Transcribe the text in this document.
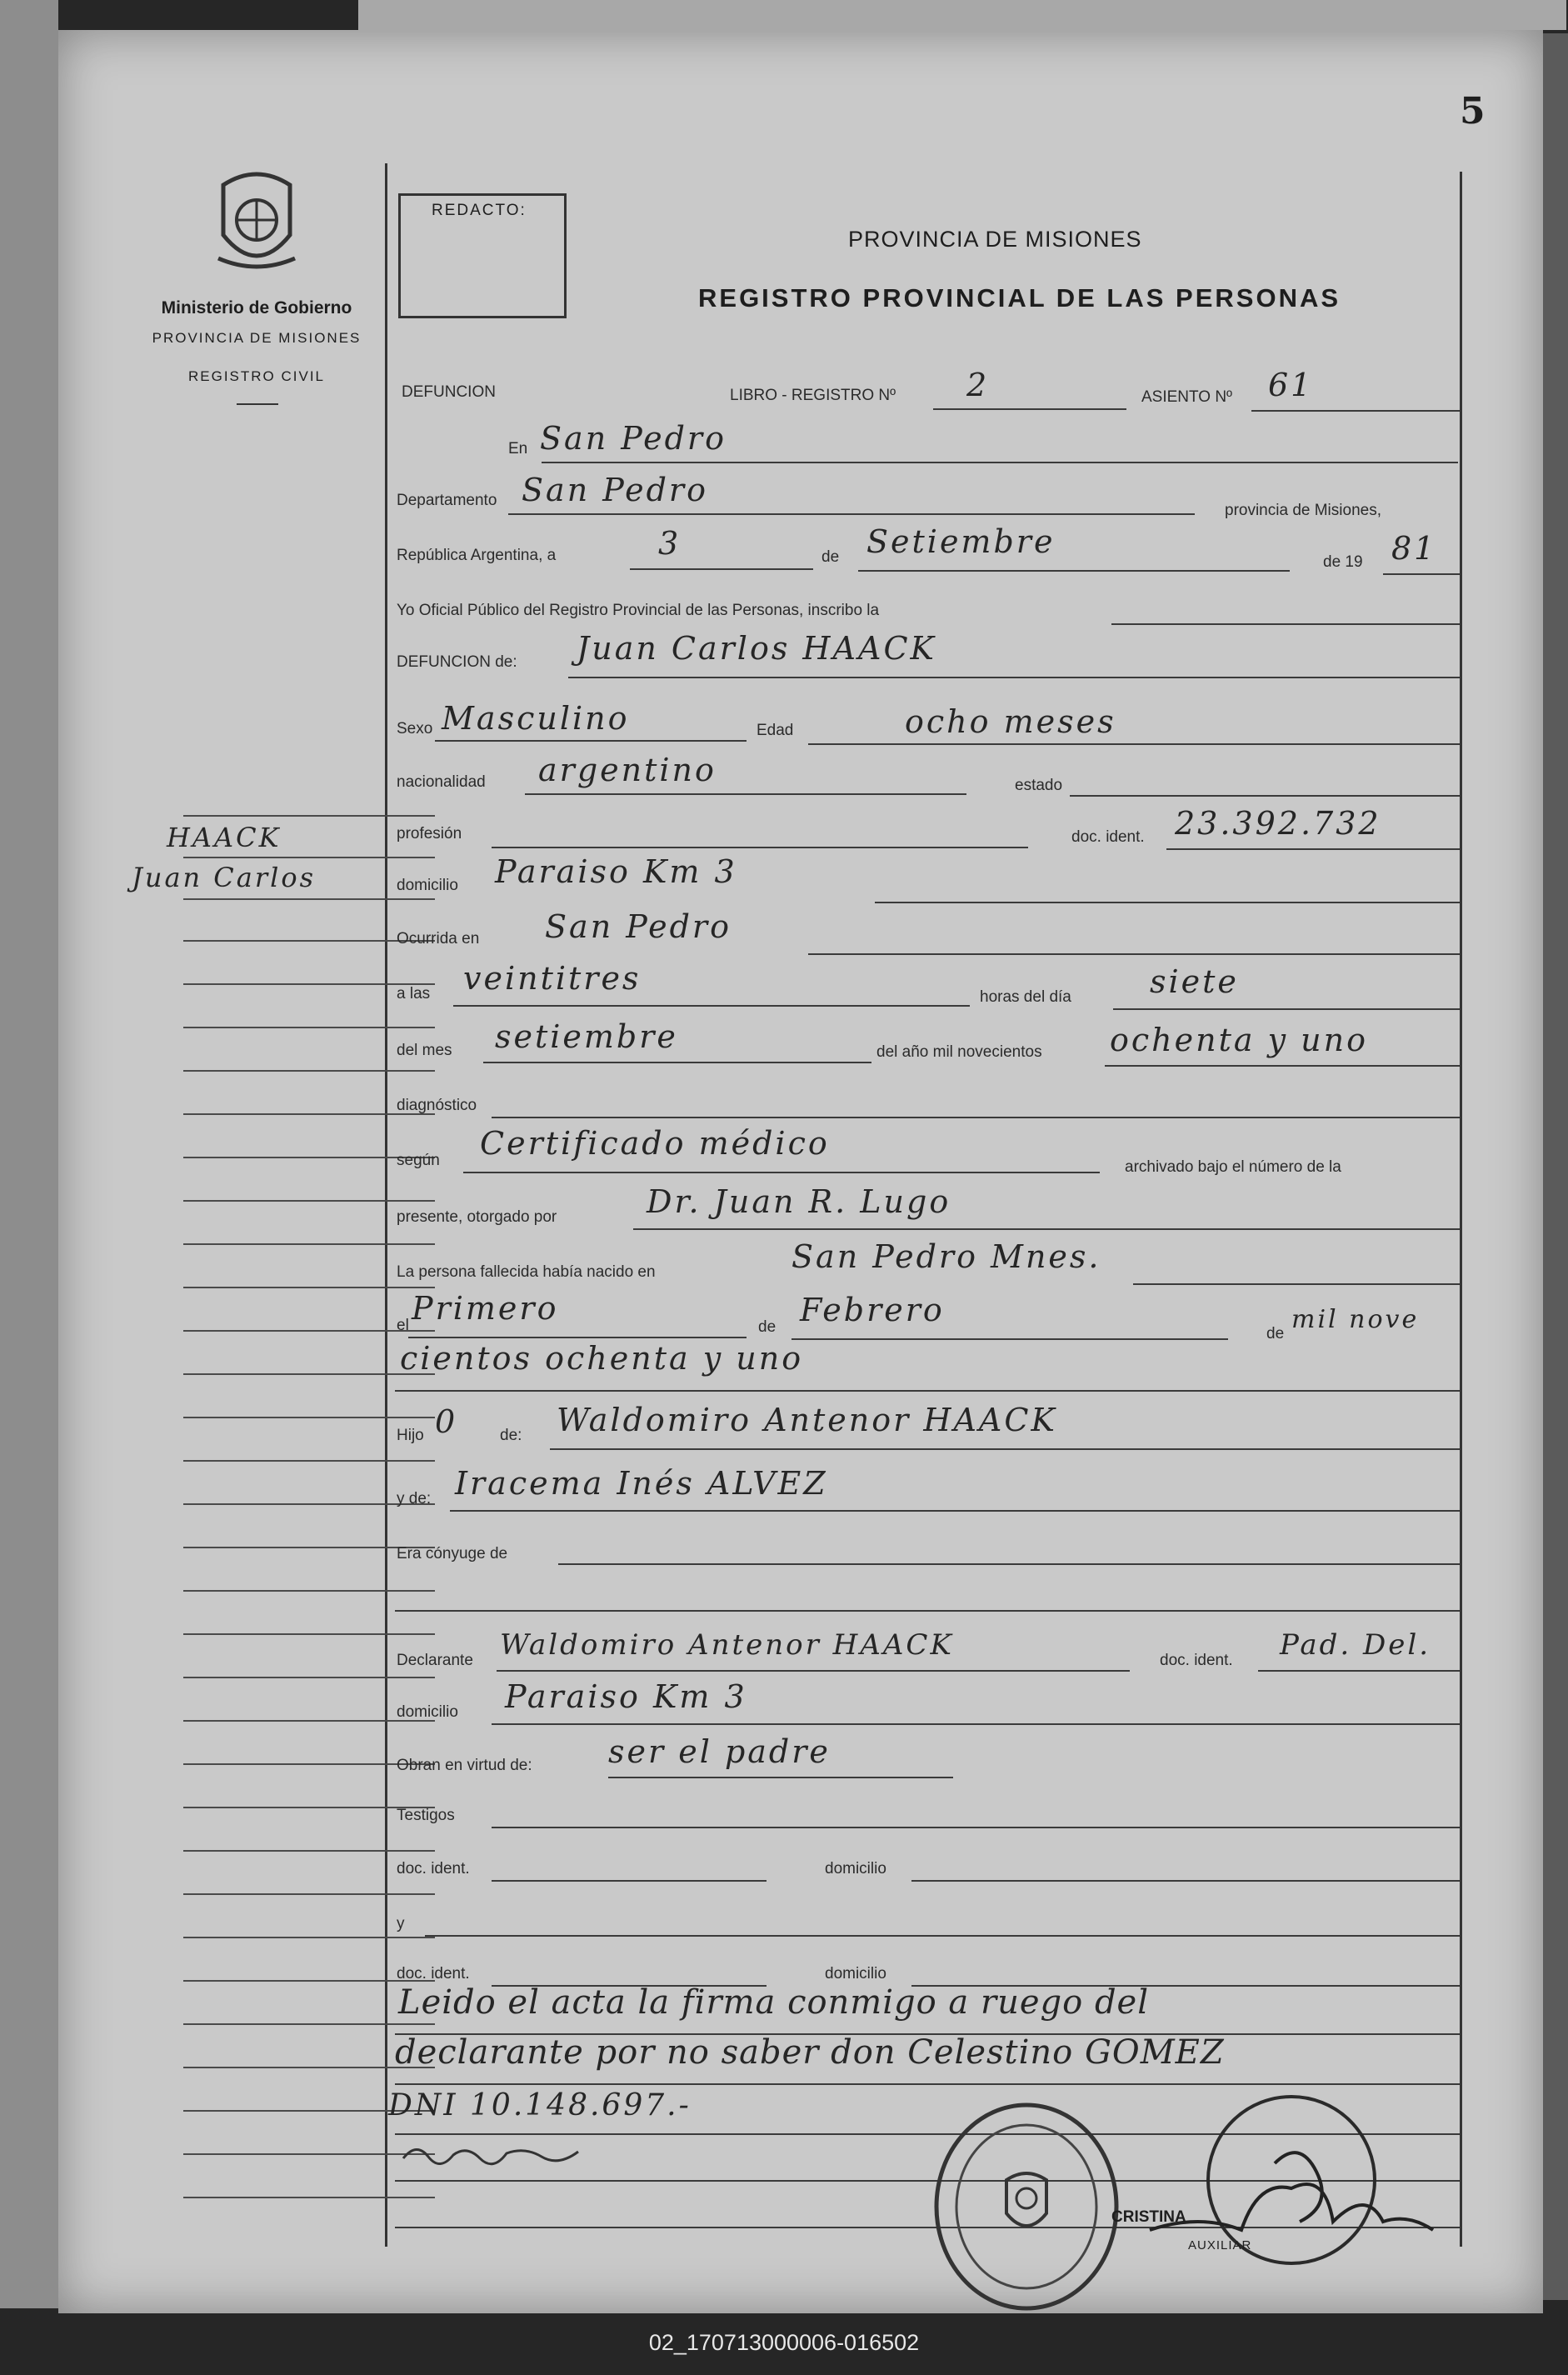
5
Ministerio de Gobierno
PROVINCIA DE MISIONES
REGISTRO CIVIL
REDACTO:
PROVINCIA DE MISIONES
REGISTRO PROVINCIAL DE LAS PERSONAS
HAACK
Juan Carlos
DEFUNCION	LIBRO - REGISTRO Nº 2	ASIENTO Nº 61
En San Pedro
Departamento San Pedro
provincia de Misiones,
República Argentina, a	3	de Setiembre
de 19 81
Yo Oficial Público del Registro Provincial de las Personas, inscribo la
DEFUNCION de: Juan Carlos HAACK
Sexo Masculino	Edad	ocho meses
nacionalidad argentino	estado
profesión	doc. ident. 23.392.732
domicilio Paraiso Km 3
Ocurrida en San Pedro
a las veintitres
horas del día siete
del mes setiembre	del año mil novecientos ochenta y uno
diagnóstico
según Certificado médico
archivado bajo el número de la
presente, otorgado por	Dr. Juan R. Lugo
La persona fallecida había nacido en	San Pedro Mnes.
el Primero
de Febrero
de mil nove
cientos ochenta y uno
Hijo 0	de: Waldomiro Antenor HAACK
y de: Iracema Inés ALVEZ
Era cónyuge de
Declarante Waldomiro Antenor HAACK	doc. ident. Pad. Del.
domicilio Paraiso Km 3
Obran en virtud de: ser el padre
Testigos
doc. ident.	domicilio
y
doc. ident.	domicilio
Leido el acta la firma conmigo a ruego del
declarante por no saber don Celestino GOMEZ
DNI 10.148.697.-
CRISTINA
AUXILIAR
02_170713000006-016502
